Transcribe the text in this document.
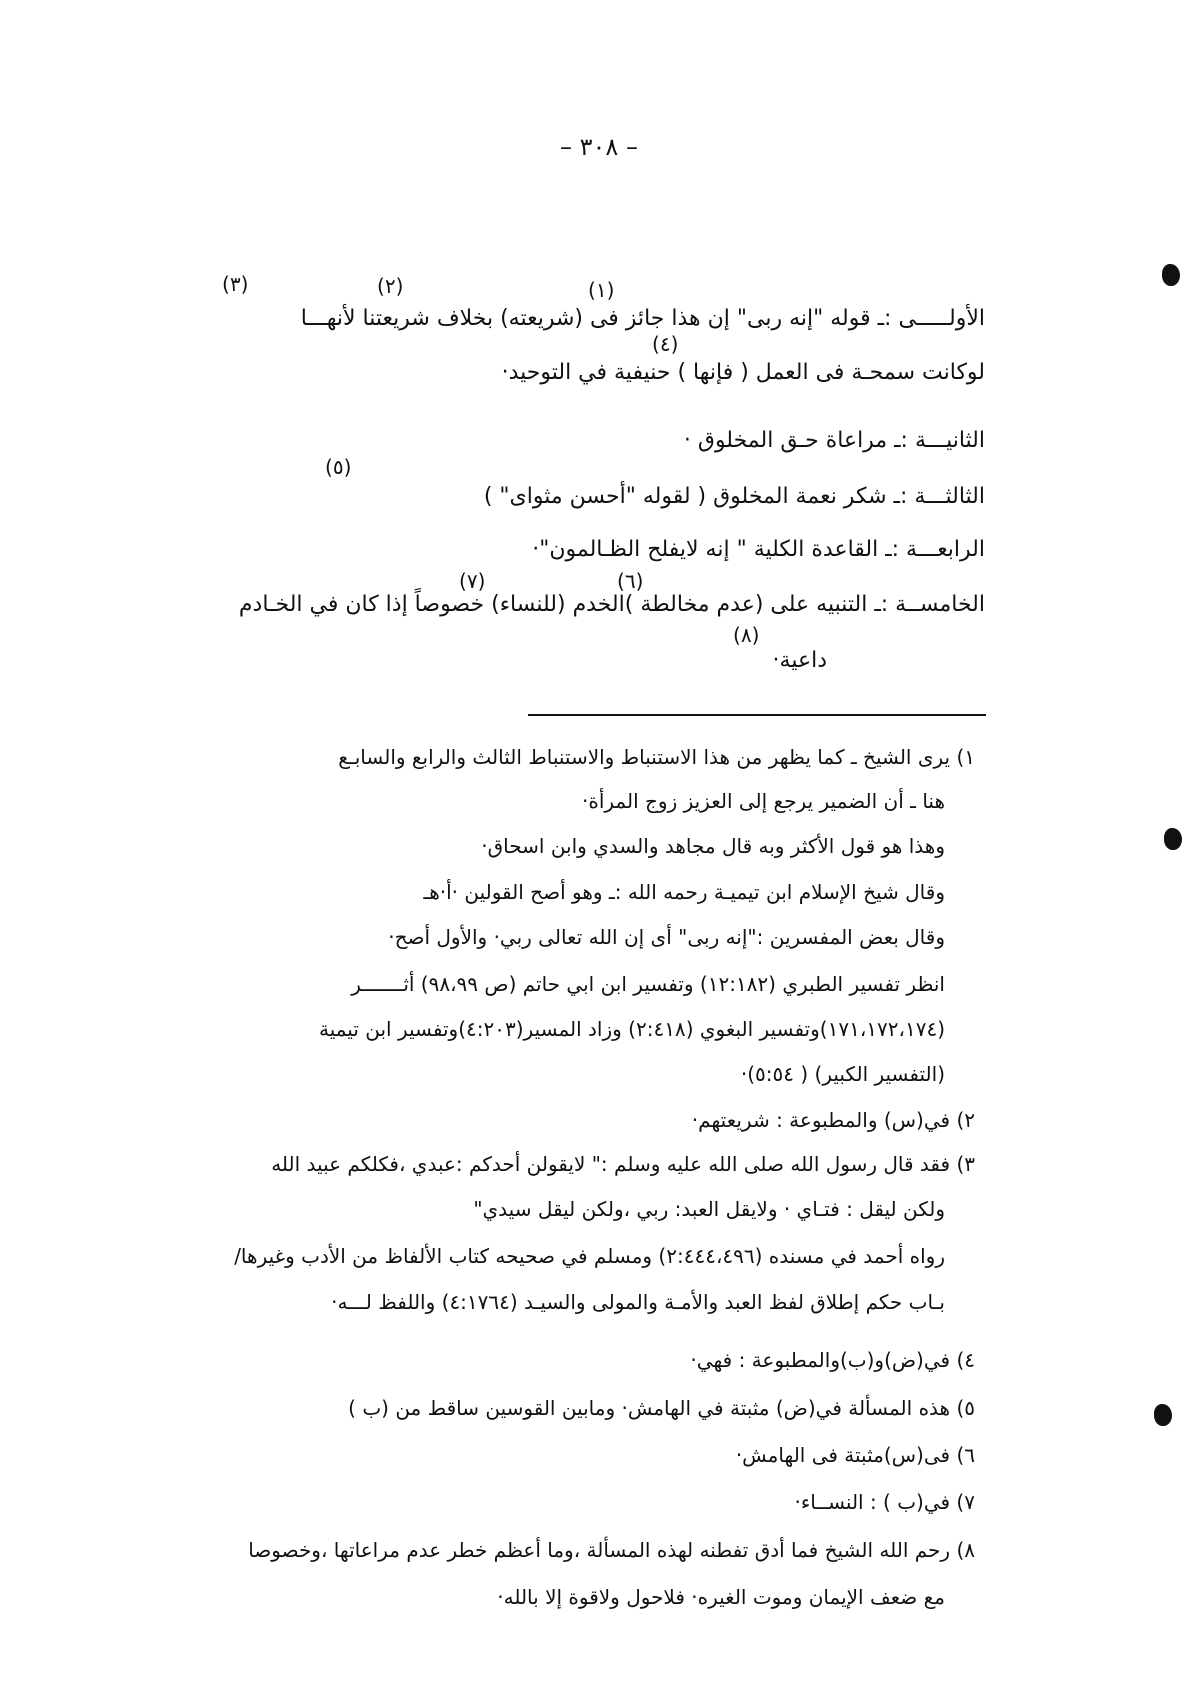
– ٣٠٨ –
(٣)	(٢)	(١)
(٤)
(٥)
(٦)
(٧)
(٨)
الأولـــــى :ـ قوله "إنه ربى" إن هذا جائز فى (شريعته) بخلاف شريعتنا لأنهـــا
لوكانت سمحـة فى العمل ( فإنها ) حنيفية في التوحيد·
الثانيـــة :ـ مراعاة حـق المخلوق ·
الثالثـــة :ـ شكر نعمة المخلوق ( لقوله "أحسن مثواى" )
الرابعـــة :ـ القاعدة الكلية " إنه لايفلح الظـالمون"·
الخامســة :ـ التنبيه على (عدم مخالطة )الخدم (للنساء) خصوصاً إذا كان في الخـادم
داعية·
١) يرى الشيخ ـ كما يظهر من هذا الاستنباط والاستنباط الثالث والرابع والسابـع
هنا ـ أن الضمير يرجع إلى العزيز زوج المرأة·
وهذا هو قول الأكثر وبه قال مجاهد والسدي وابن اسحاق·
وقال شيخ الإسلام ابن تيميـة رحمه الله :ـ وهو أصح القولين ·أ·هـ
وقال بعض المفسرين :"إنه ربى" أى إن الله تعالى ربي· والأول أصح·
انظر تفسير الطبري (١٢:١٨٢) وتفسير ابن ابي حاتم (ص ٩٨،٩٩) أثـــــــر
(١٧١،١٧٢،١٧٤)وتفسير البغوي (٢:٤١٨) وزاد المسير(٤:٢٠٣)وتفسير ابن تيمية
(التفسير الكبير) ( ٥:٥٤)·
٢) في(س) والمطبوعة : شريعتهم·
٣) فقد قال رسول الله صلى الله عليه وسلم :" لايقولن أحدكم :عبدي ،فكلكم عبيد الله
ولكن ليقل : فتـاي · ولايقل العبد: ربي ،ولكن ليقل سيدي"
رواه أحمد في مسنده (٢:٤٤٤،٤٩٦) ومسلم في صحيحه كتاب الألفاظ من الأدب وغيرها/
بـاب حكم إطلاق لفظ العبد والأمـة والمولى والسيـد (٤:١٧٦٤) واللفظ لـــه·
٤) في(ض)و(ب)والمطبوعة : فهي·
٥) هذه المسألة في(ض) مثبتة في الهامش· ومابين القوسين ساقط من (ب )
٦) فى(س)مثبتة فى الهامش·
٧) في(ب ) : النســاء·
٨) رحم الله الشيخ فما أدق تفطنه لهذه المسألة ،وما أعظم خطر عدم مراعاتها ،وخصوصا
مع ضعف الإيمان وموت الغيره· فلاحول ولاقوة إلا بالله·
